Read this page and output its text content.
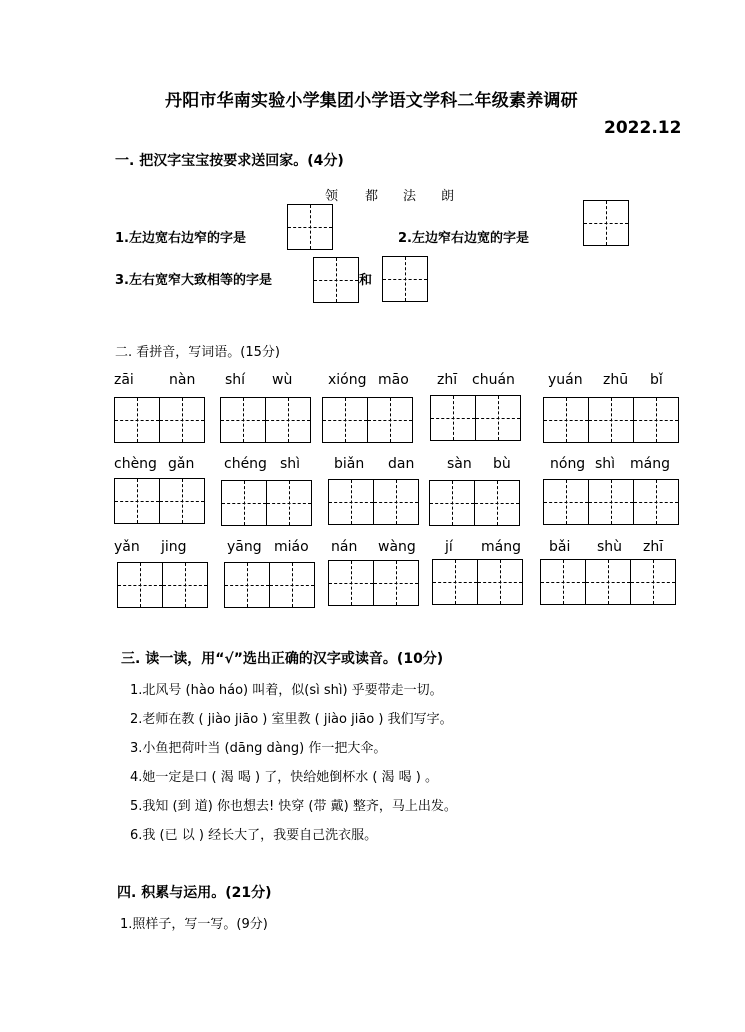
丹阳市华南实验小学集团小学语文学科二年级素养调研
2022.12
一. 把汉字宝宝按要求送回家。(4分)
领 都 法 朗
1.左边宽右边窄的字是	2.左边窄右边宽的字是
3.左右宽窄大致相等的字是	和
二. 看拼音，写词语。(15分)
zāi	nàn shí wù	xióng māo zhī chuán yuán zhū bǐ
chèng gǎn chéng shì biǎn dan sàn bù	nóng shì máng
yǎn jing	yāng miáo nán wàng jí máng bǎi shù zhī
三. 读一读，用“√”选出正确的汉字或读音。(10分)
1.北风号 (hào háo) 叫着，似(sì shì) 乎要带走一切。
2.老师在教 ( jiào jiāo ) 室里教 ( jiào jiāo ) 我们写字。
3.小鱼把荷叶当 (dāng dàng) 作一把大伞。
4.她一定是口 ( 渴 喝 ) 了，快给她倒杯水 ( 渴 喝 ) 。
5.我知 (到 道) 你也想去! 快穿 (带 戴) 整齐，马上出发。
6.我 (已 以 ) 经长大了，我要自己洗衣服。
四. 积累与运用。(21分)
1.照样子，写一写。(9分)
